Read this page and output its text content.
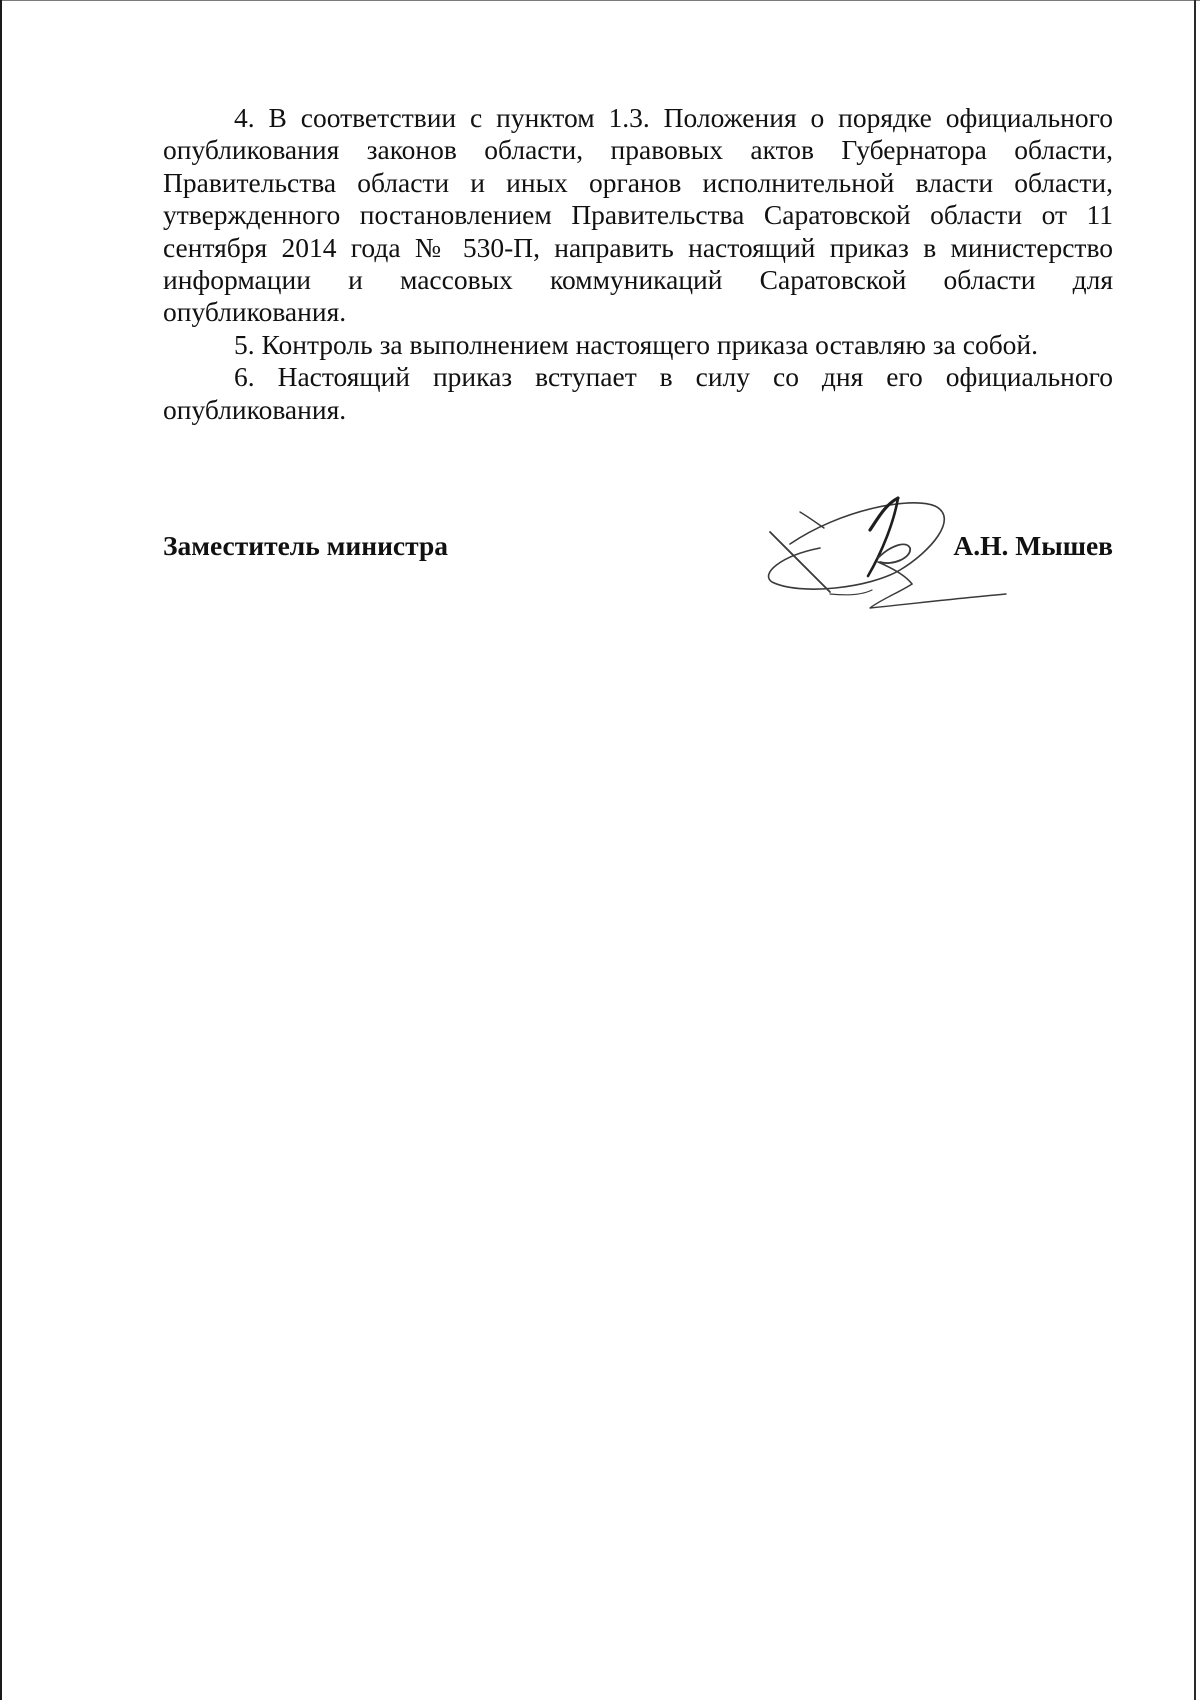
4. В соответствии с пунктом 1.3. Положения о порядке официального опубликования законов области, правовых актов Губернатора области, Правительства области и иных органов исполнительной власти области, утвержденного постановлением Правительства Саратовской области от 11 сентября 2014 года № 530-П, направить настоящий приказ в министерство информации и массовых коммуникаций Саратовской области для опубликования.

5. Контроль за выполнением настоящего приказа оставляю за собой.

6. Настоящий приказ вступает в силу со дня его официального опубликования.

Заместитель министра	А.Н. Мышев
